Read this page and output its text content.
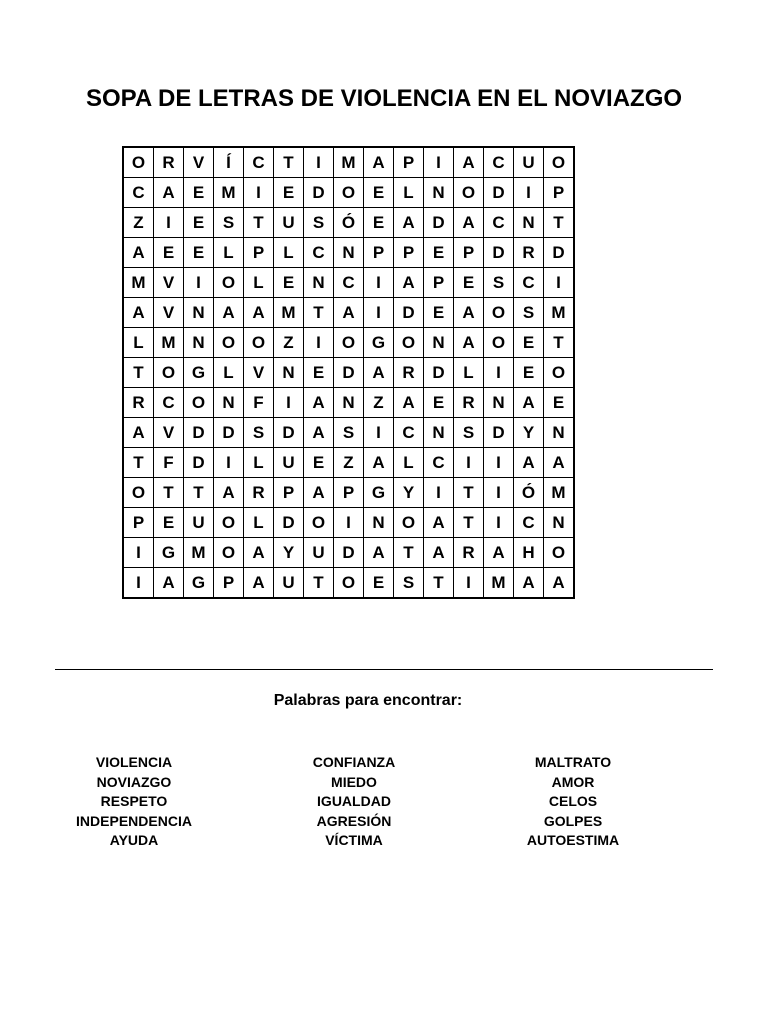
SOPA DE LETRAS DE VIOLENCIA EN EL NOVIAZGO
O	R	V	Í	C	T	I	M	A	P	I	A	C	U	O
C	A	E	M	I	E	D	O	E	L	N	O	D	I	P
Z	I	E	S	T	U	S	Ó	E	A	D	A	C	N	T
A	E	E	L	P	L	C	N	P	P	E	P	D	R	D
M	V	I	O	L	E	N	C	I	A	P	E	S	C	I
A	V	N	A	A	M	T	A	I	D	E	A	O	S	M
L	M	N	O	O	Z	I	O	G	O	N	A	O	E	T
T	O	G	L	V	N	E	D	A	R	D	L	I	E	O
R	C	O	N	F	I	A	N	Z	A	E	R	N	A	E
A	V	D	D	S	D	A	S	I	C	N	S	D	Y	N
T	F	D	I	L	U	E	Z	A	L	C	I	I	A	A
O	T	T	A	R	P	A	P	G	Y	I	T	I	Ó	M
P	E	U	O	L	D	O	I	N	O	A	T	I	C	N
I	G	M	O	A	Y	U	D	A	T	A	R	A	H	O
I	A	G	P	A	U	T	O	E	S	T	I	M	A	A
Palabras para encontrar:
VIOLENCIA
NOVIAZGO
RESPETO
INDEPENDENCIA
AYUDA
CONFIANZA
MIEDO
IGUALDAD
AGRESIÓN
VÍCTIMA
MALTRATO
AMOR
CELOS
GOLPES
AUTOESTIMA
